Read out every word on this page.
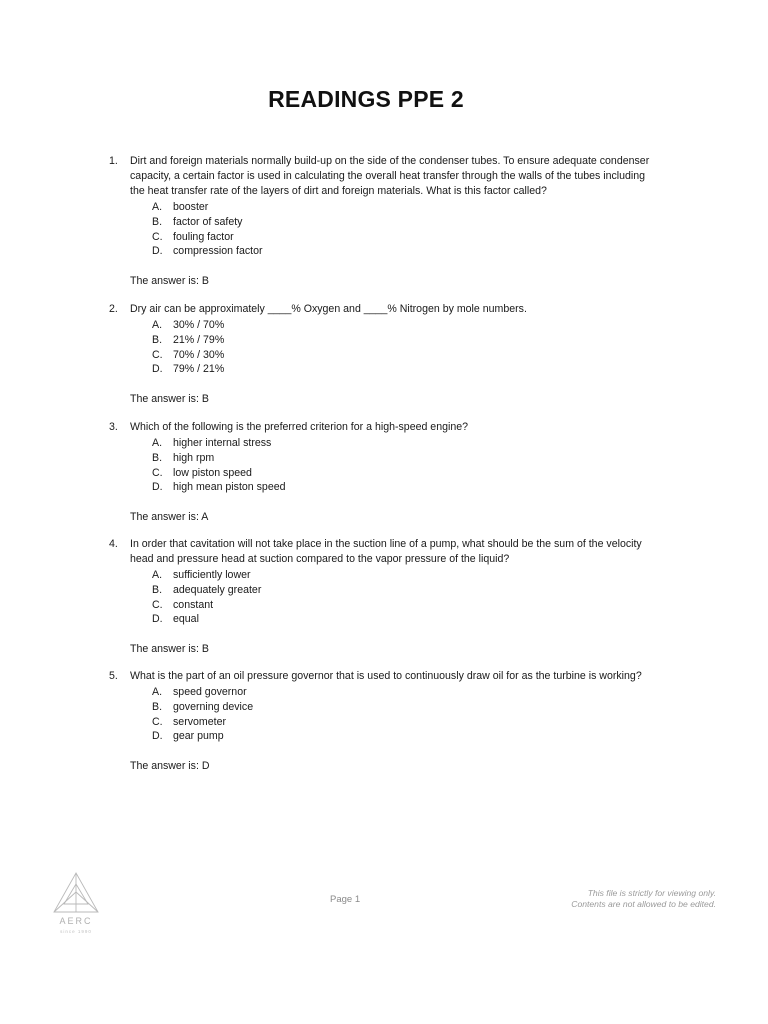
READINGS PPE 2
1. Dirt and foreign materials normally build-up on the side of the condenser tubes. To ensure adequate condenser capacity, a certain factor is used in calculating the overall heat transfer through the walls of the tubes including the heat transfer rate of the layers of dirt and foreign materials. What is this factor called?
A.	booster
B.	factor of safety
C. fouling factor
D. compression factor
The answer is: B
2. Dry air can be approximately ____% Oxygen and ____% Nitrogen by mole numbers.
A.	30% / 70%
B.	21% / 79%
C. 70% / 30%
D. 79% / 21%
The answer is: B
3. Which of the following is the preferred criterion for a high-speed engine?
A.	higher internal stress
B.	high rpm
C. low piston speed
D. high mean piston speed
The answer is: A
4. In order that cavitation will not take place in the suction line of a pump, what should be the sum of the velocity head and pressure head at suction compared to the vapor pressure of the liquid?
A.	sufficiently lower
B.	adequately greater
C. constant
D. equal
The answer is: B
5. What is the part of an oil pressure governor that is used to continuously draw oil for as the turbine is working?
A.	speed governor
B.	governing device
C. servometer
D. gear pump
The answer is: D
AERC
since 1990
Page 1
This file is strictly for viewing only.
Contents are not allowed to be edited.
